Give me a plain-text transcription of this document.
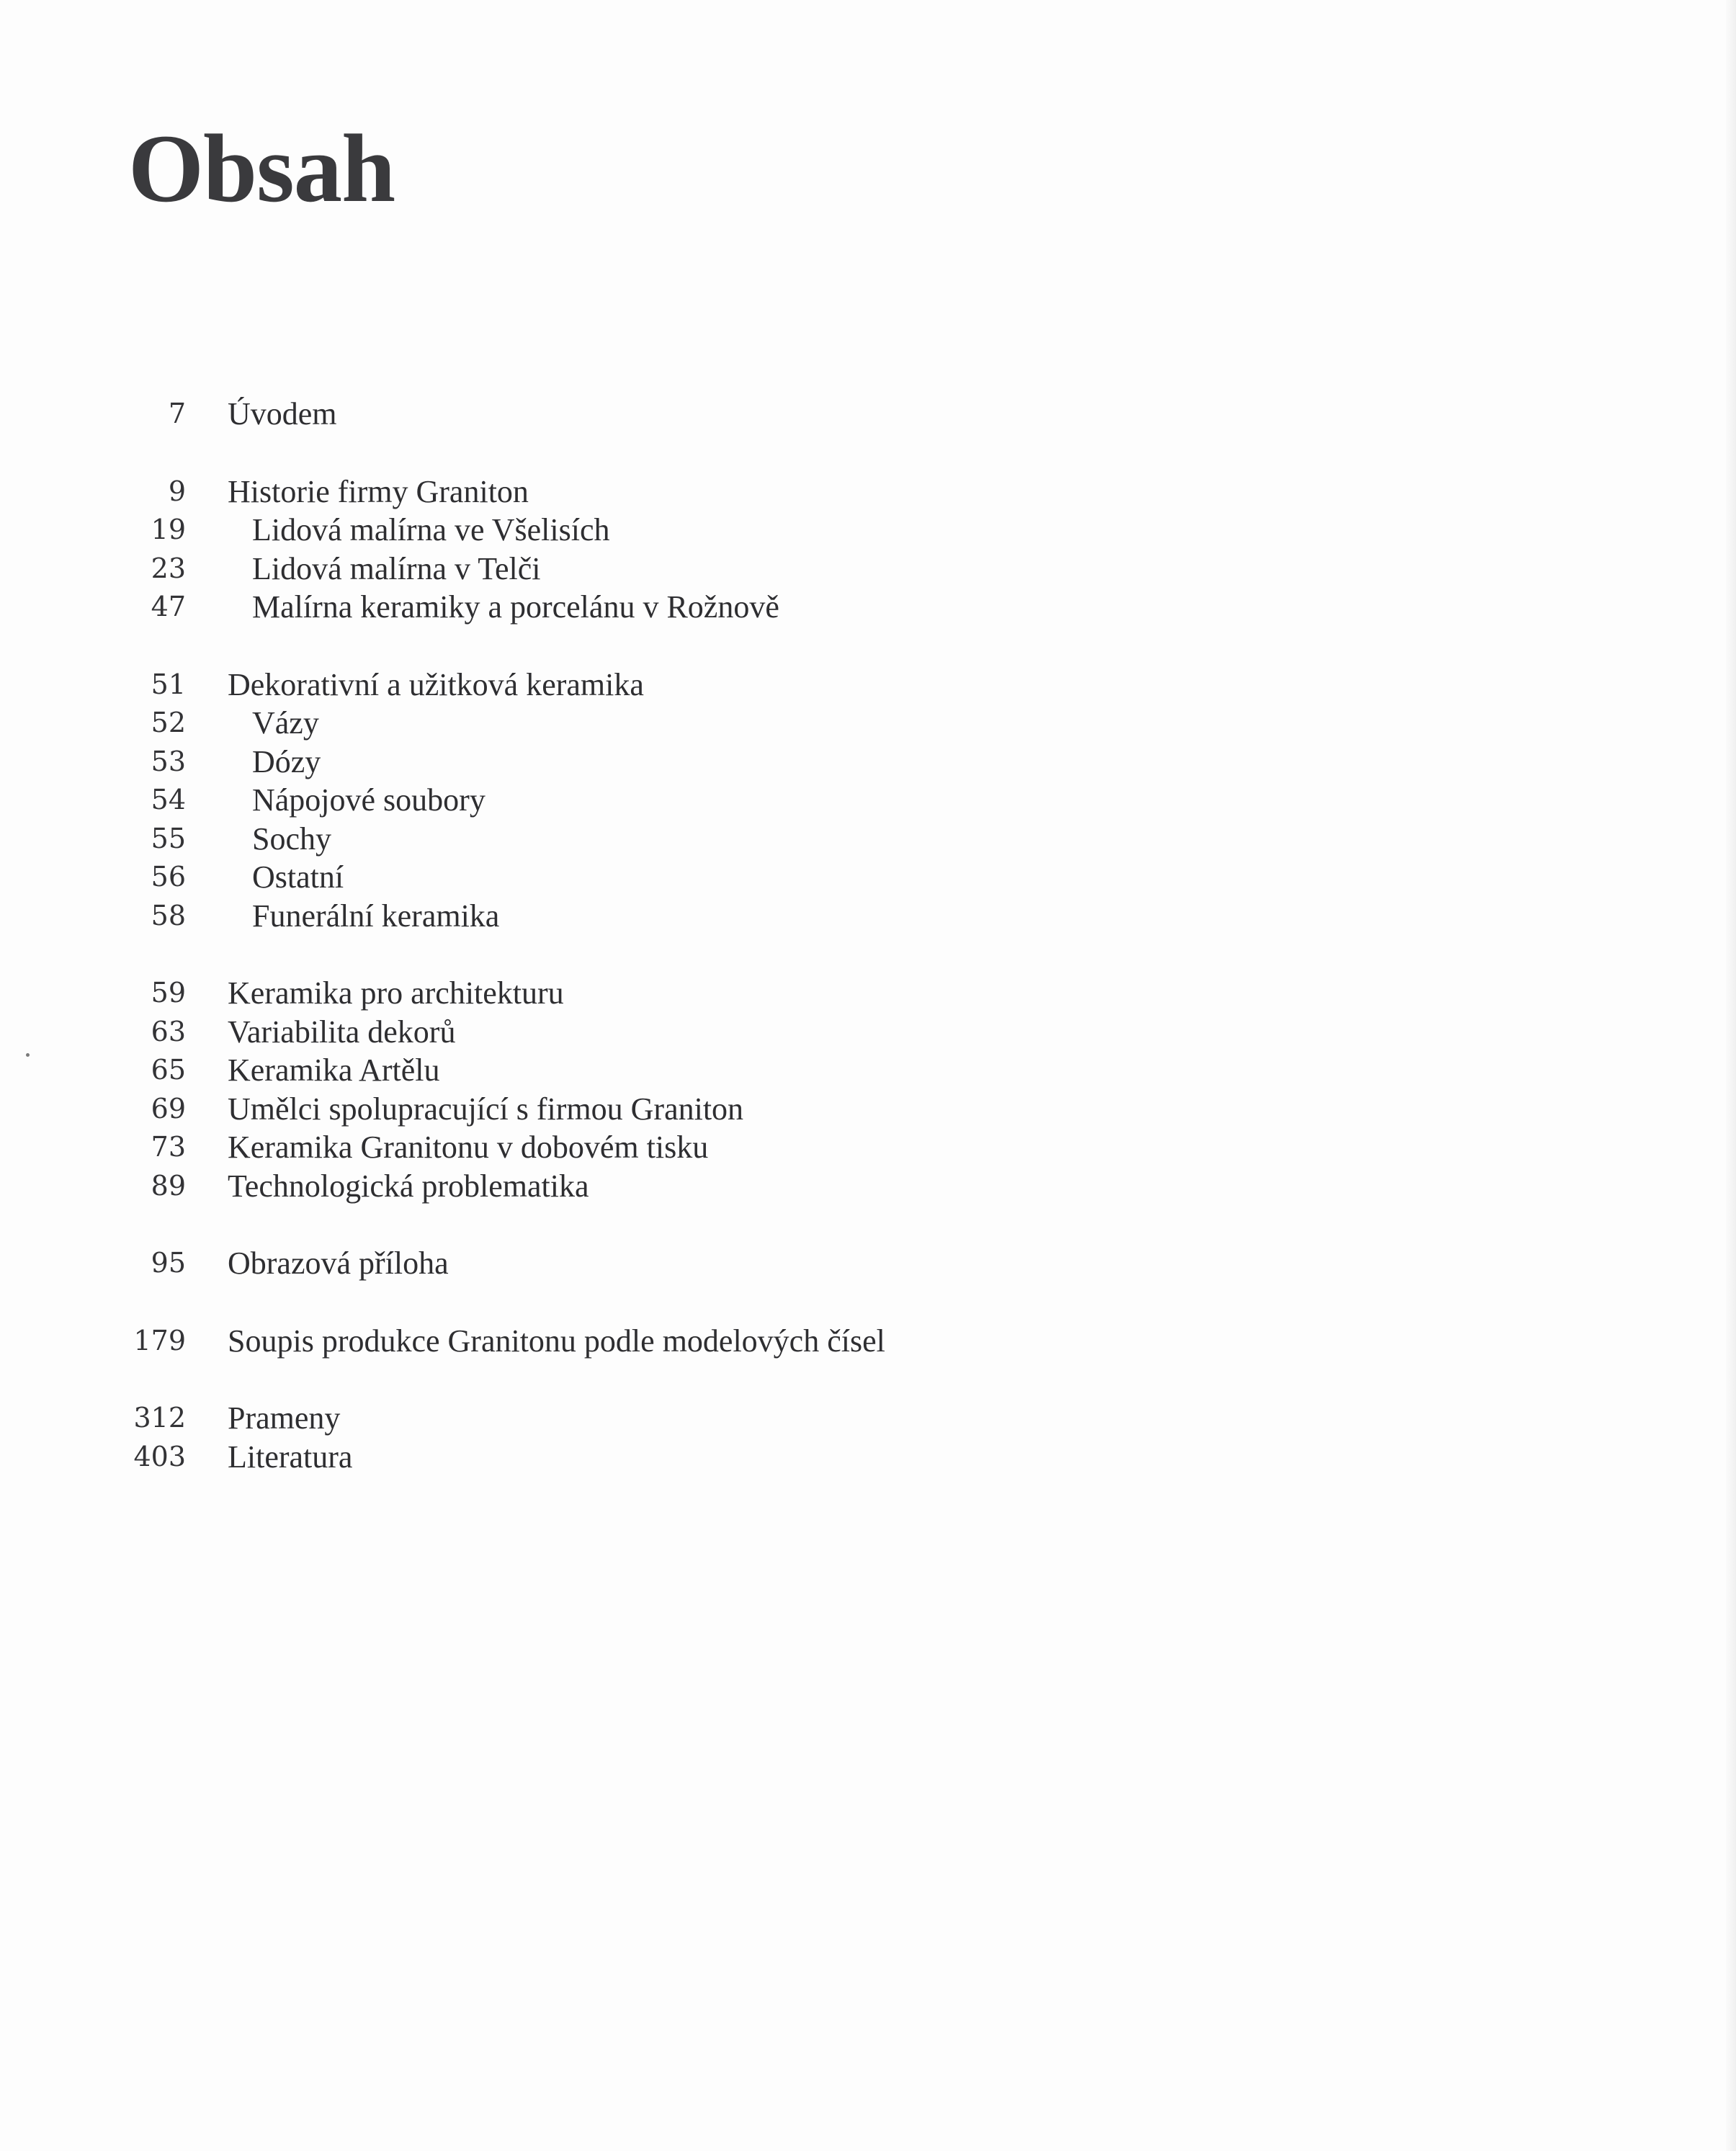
Obsah
7 Úvodem
9 Historie firmy Graniton
19 Lidová malírna ve Všelisích
23 Lidová malírna v Telči
47 Malírna keramiky a porcelánu v Rožnově
51 Dekorativní a užitková keramika
52 Vázy
53 Dózy
54 Nápojové soubory
55 Sochy
56 Ostatní
58 Funerální keramika
59 Keramika pro architekturu
63 Variabilita dekorů
65 Keramika Artělu
69 Umělci spolupracující s firmou Graniton
73 Keramika Granitonu v dobovém tisku
89 Technologická problematika
95 Obrazová příloha
179 Soupis produkce Granitonu podle modelových čísel
312 Prameny
403 Literatura
